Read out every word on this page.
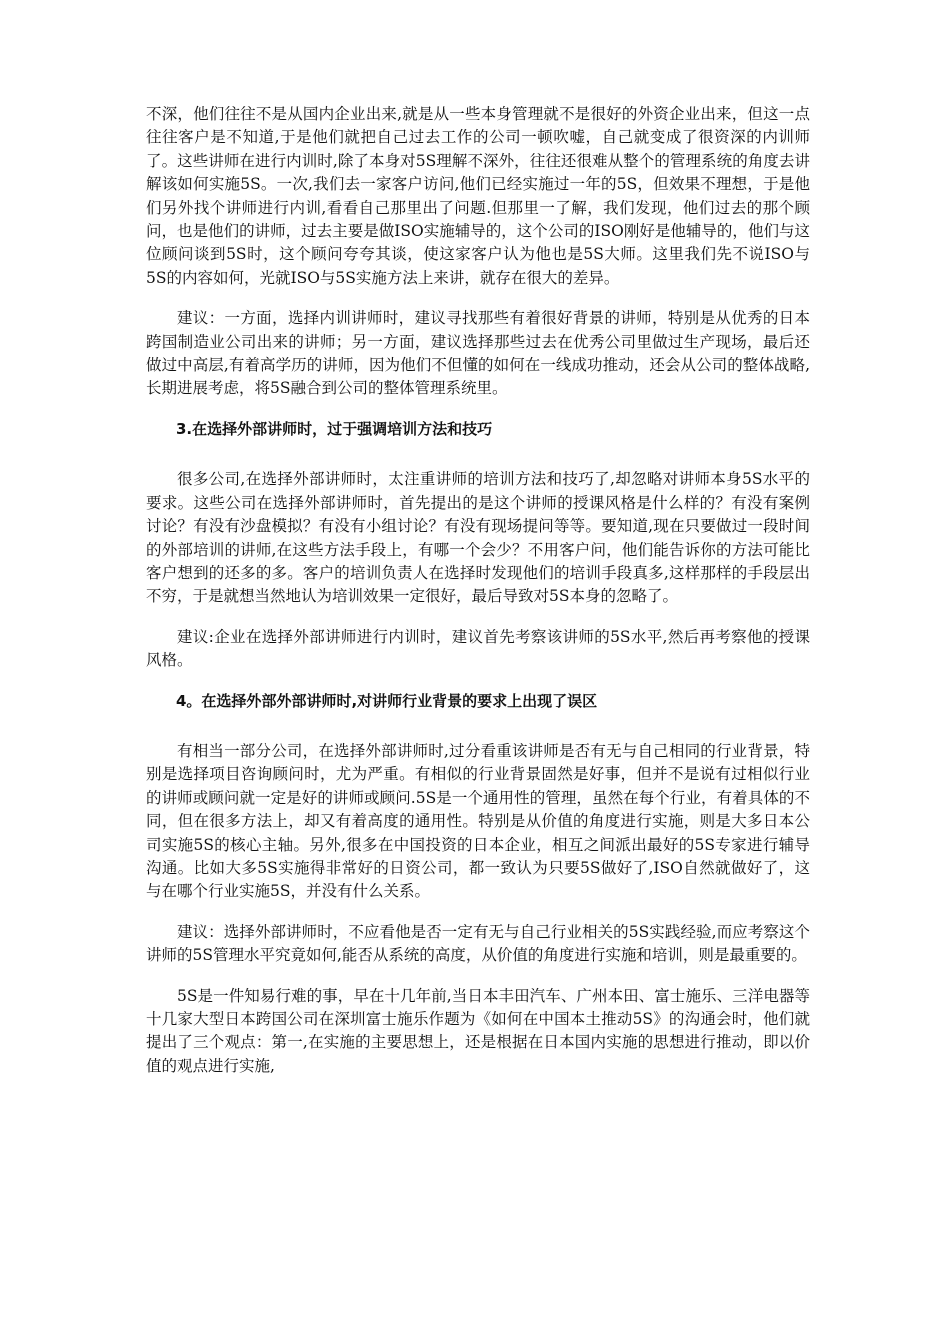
不深，他们往往不是从国内企业出来,就是从一些本身管理就不是很好的外资企业出来，但这一点往往客户是不知道,于是他们就把自己过去工作的公司一顿吹嘘，自己就变成了很资深的内训师了。这些讲师在进行内训时,除了本身对5S理解不深外，往往还很难从整个的管理系统的角度去讲解该如何实施5S。一次,我们去一家客户访问,他们已经实施过一年的5S，但效果不理想，于是他们另外找个讲师进行内训,看看自己那里出了问题.但那里一了解，我们发现，他们过去的那个顾问，也是他们的讲师，过去主要是做ISO实施辅导的，这个公司的ISO刚好是他辅导的，他们与这位顾问谈到5S时，这个顾问夸夸其谈，使这家客户认为他也是5S大师。这里我们先不说ISO与5S的内容如何，光就ISO与5S实施方法上来讲，就存在很大的差异。

建议：一方面，选择内训讲师时，建议寻找那些有着很好背景的讲师，特别是从优秀的日本跨国制造业公司出来的讲师；另一方面，建议选择那些过去在优秀公司里做过生产现场，最后还做过中高层,有着高学历的讲师，因为他们不但懂的如何在一线成功推动，还会从公司的整体战略,长期进展考虑，将5S融合到公司的整体管理系统里。

3.在选择外部讲师时，过于强调培训方法和技巧

很多公司,在选择外部讲师时，太注重讲师的培训方法和技巧了,却忽略对讲师本身5S水平的要求。这些公司在选择外部讲师时，首先提出的是这个讲师的授课风格是什么样的？有没有案例讨论？有没有沙盘模拟？有没有小组讨论？有没有现场提问等等。要知道,现在只要做过一段时间的外部培训的讲师,在这些方法手段上，有哪一个会少？不用客户问，他们能告诉你的方法可能比客户想到的还多的多。客户的培训负责人在选择时发现他们的培训手段真多,这样那样的手段层出不穷，于是就想当然地认为培训效果一定很好，最后导致对5S本身的忽略了。

建议:企业在选择外部讲师进行内训时，建议首先考察该讲师的5S水平,然后再考察他的授课风格。

4。在选择外部外部讲师时,对讲师行业背景的要求上出现了误区

有相当一部分公司，在选择外部讲师时,过分看重该讲师是否有无与自己相同的行业背景，特别是选择项目咨询顾问时，尤为严重。有相似的行业背景固然是好事，但并不是说有过相似行业的讲师或顾问就一定是好的讲师或顾问.5S是一个通用性的管理，虽然在每个行业，有着具体的不同，但在很多方法上，却又有着高度的通用性。特别是从价值的角度进行实施，则是大多日本公司实施5S的核心主轴。另外,很多在中国投资的日本企业，相互之间派出最好的5S专家进行辅导沟通。比如大多5S实施得非常好的日资公司，都一致认为只要5S做好了,ISO自然就做好了，这与在哪个行业实施5S，并没有什么关系。

建议：选择外部讲师时，不应看他是否一定有无与自己行业相关的5S实践经验,而应考察这个讲师的5S管理水平究竟如何,能否从系统的高度，从价值的角度进行实施和培训，则是最重要的。

5S是一件知易行难的事，早在十几年前,当日本丰田汽车、广州本田、富士施乐、三洋电器等十几家大型日本跨国公司在深圳富士施乐作题为《如何在中国本土推动5S》的沟通会时，他们就提出了三个观点：第一,在实施的主要思想上，还是根据在日本国内实施的思想进行推动，即以价值的观点进行实施,
